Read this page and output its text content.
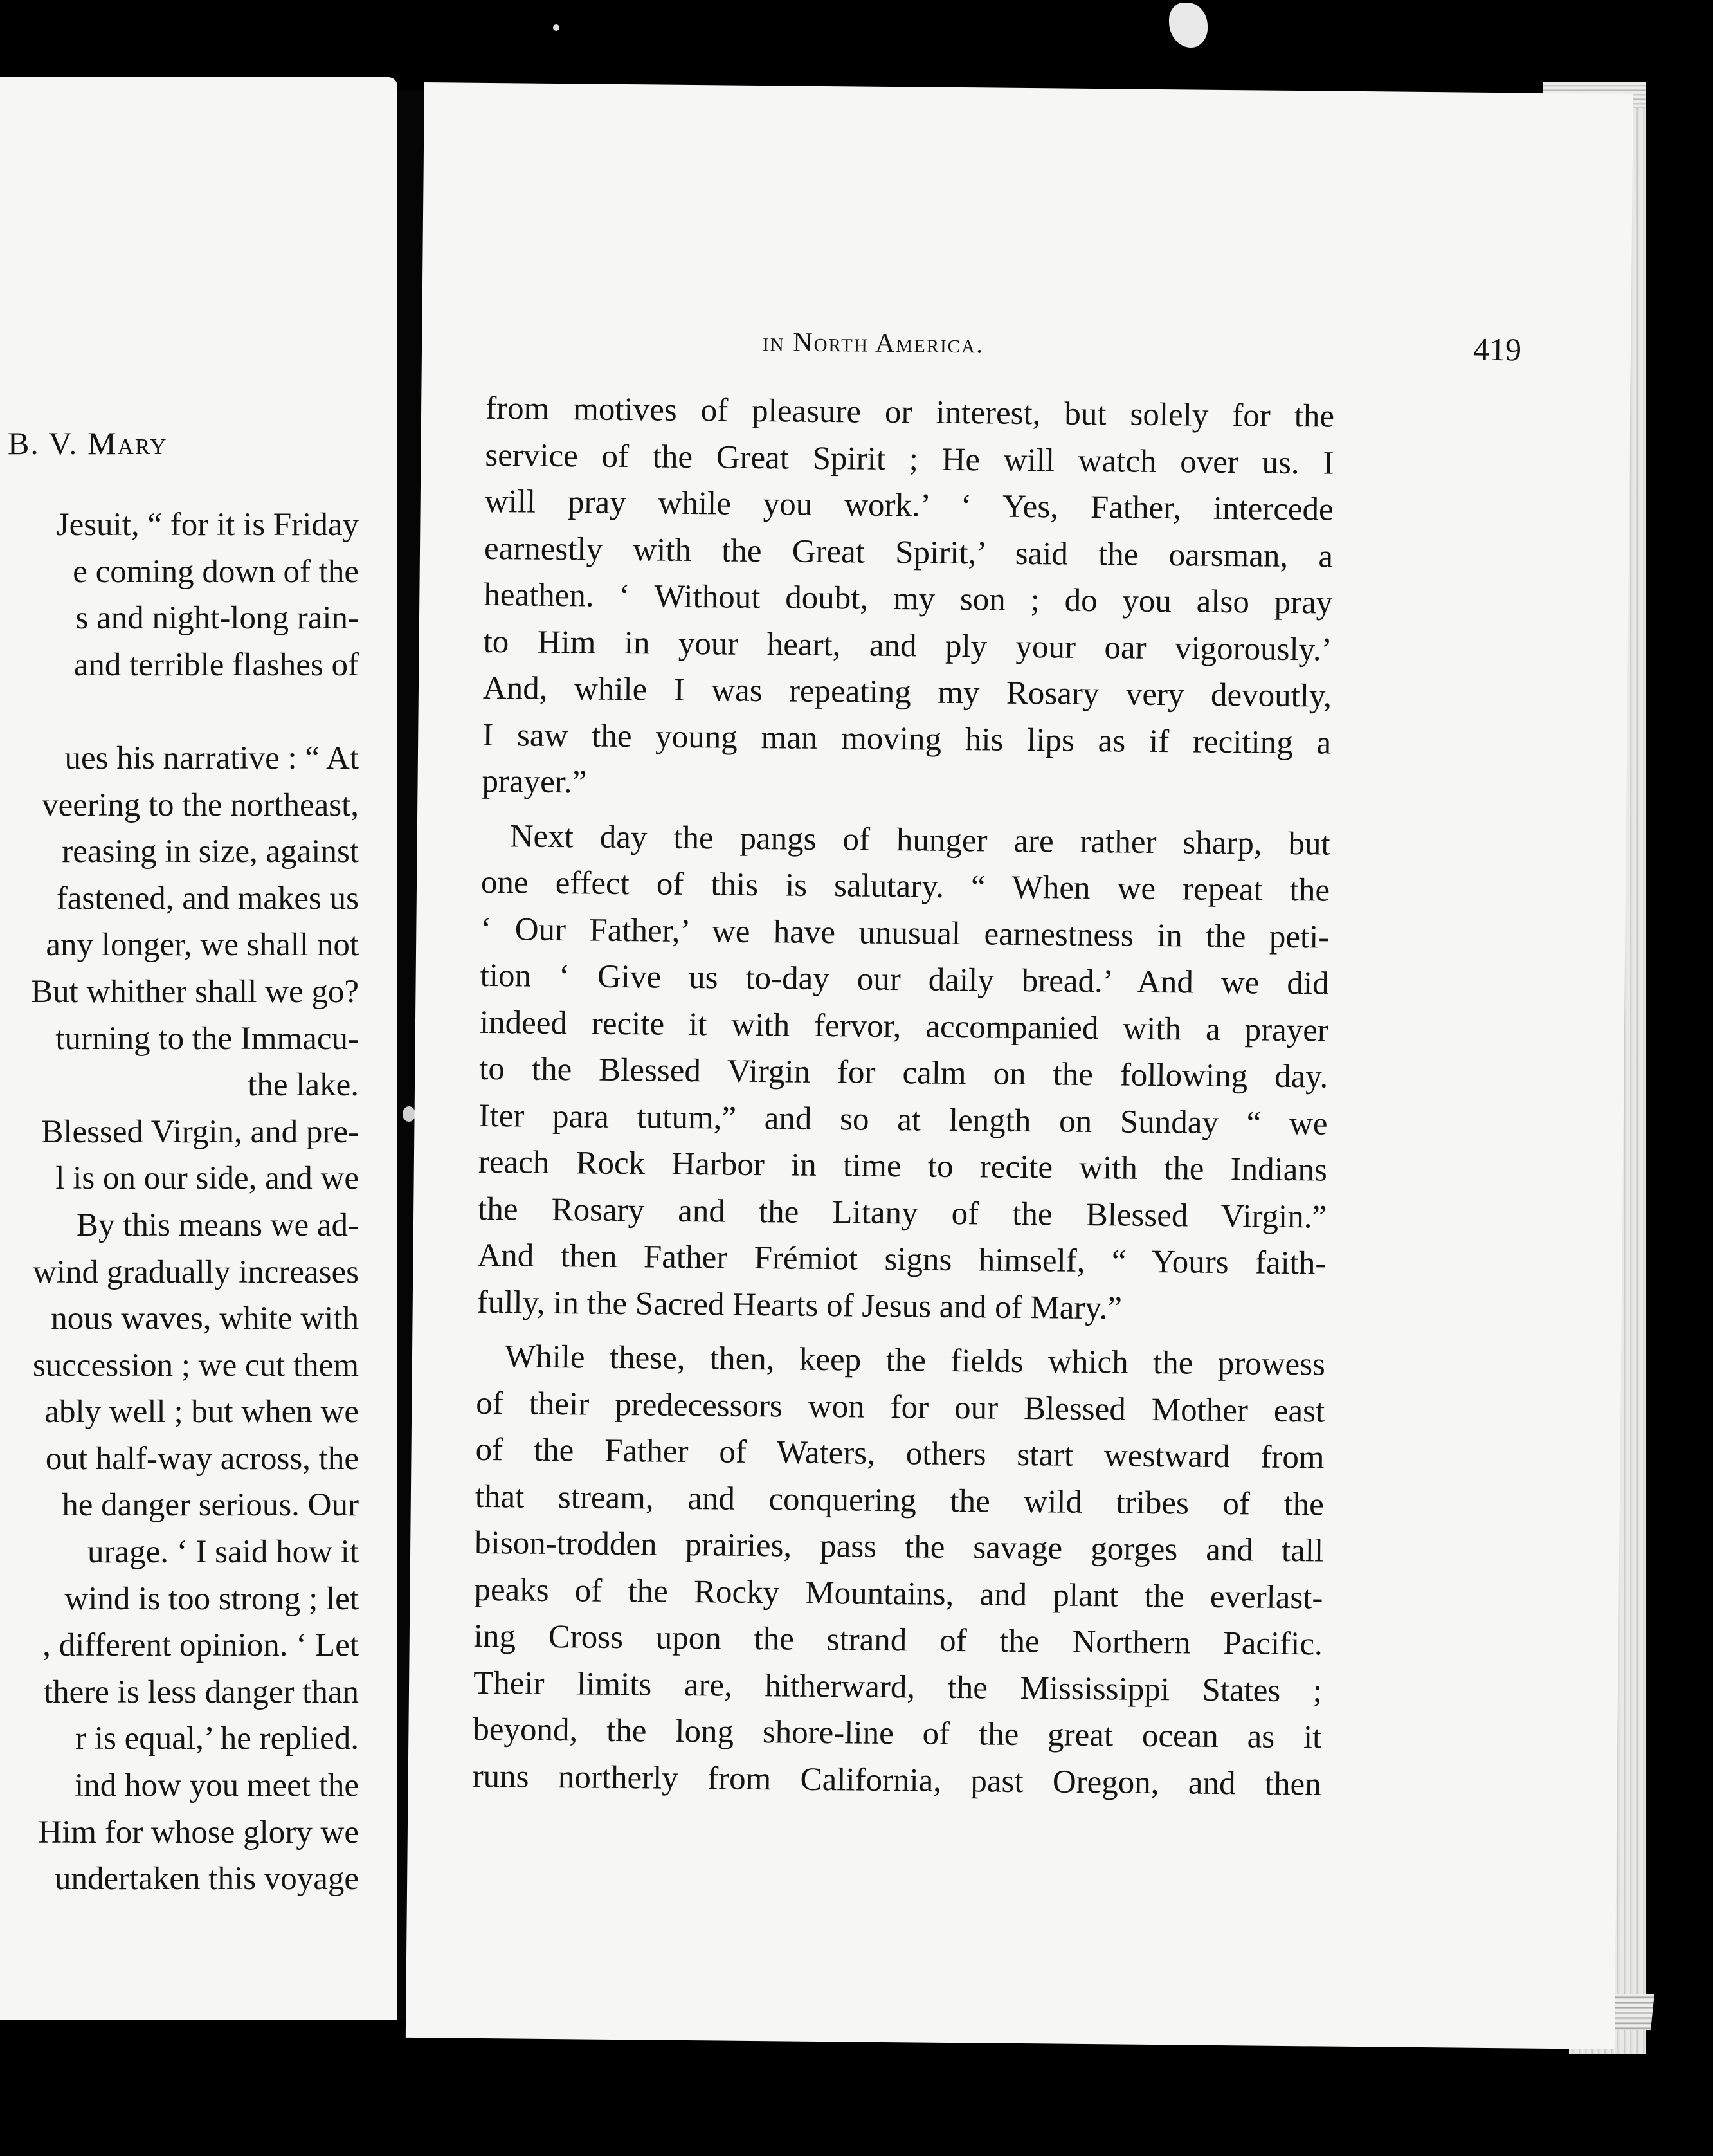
B. V. Mary
Jesuit, “ for it is Friday
e coming down of the
s and night-long rain-
and terrible flashes of

ues his narrative : “ At
veering to the northeast,
reasing in size, against
fastened, and makes us
any longer, we shall not
But whither shall we go?
turning to the Immacu-
the lake.
Blessed Virgin, and pre-
l is on our side, and we
By this means we ad-
wind gradually increases
nous waves, white with
succession ; we cut them
ably well ; but when we
out half-way across, the
he danger serious. Our
urage. ‘ I said how it
wind is too strong ; let
, different opinion. ‘ Let
there is less danger than
r is equal,’ he replied.
ind how you meet the
Him for whose glory we
undertaken this voyage
in North America.	419
from motives of pleasure or interest, but solely for the
service of the Great Spirit ; He will watch over us. I
will pray while you work.’ ‘ Yes, Father, intercede
earnestly with the Great Spirit,’ said the oarsman, a
heathen. ‘ Without doubt, my son ; do you also pray
to Him in your heart, and ply your oar vigorously.’
And, while I was repeating my Rosary very devoutly,
I saw the young man moving his lips as if reciting a
prayer.”
Next day the pangs of hunger are rather sharp, but
one effect of this is salutary. “ When we repeat the
‘ Our Father,’ we have unusual earnestness in the peti-
tion ‘ Give us to-day our daily bread.’ And we did
indeed recite it with fervor, accompanied with a prayer
to the Blessed Virgin for calm on the following day.
Iter para tutum,” and so at length on Sunday “ we
reach Rock Harbor in time to recite with the Indians
the Rosary and the Litany of the Blessed Virgin.”
And then Father Frémiot signs himself, “ Yours faith-
fully, in the Sacred Hearts of Jesus and of Mary.”
While these, then, keep the fields which the prowess
of their predecessors won for our Blessed Mother east
of the Father of Waters, others start westward from
that stream, and conquering the wild tribes of the
bison-trodden prairies, pass the savage gorges and tall
peaks of the Rocky Mountains, and plant the everlast-
ing Cross upon the strand of the Northern Pacific.
Their limits are, hitherward, the Mississippi States ;
beyond, the long shore-line of the great ocean as it
runs northerly from California, past Oregon, and then
